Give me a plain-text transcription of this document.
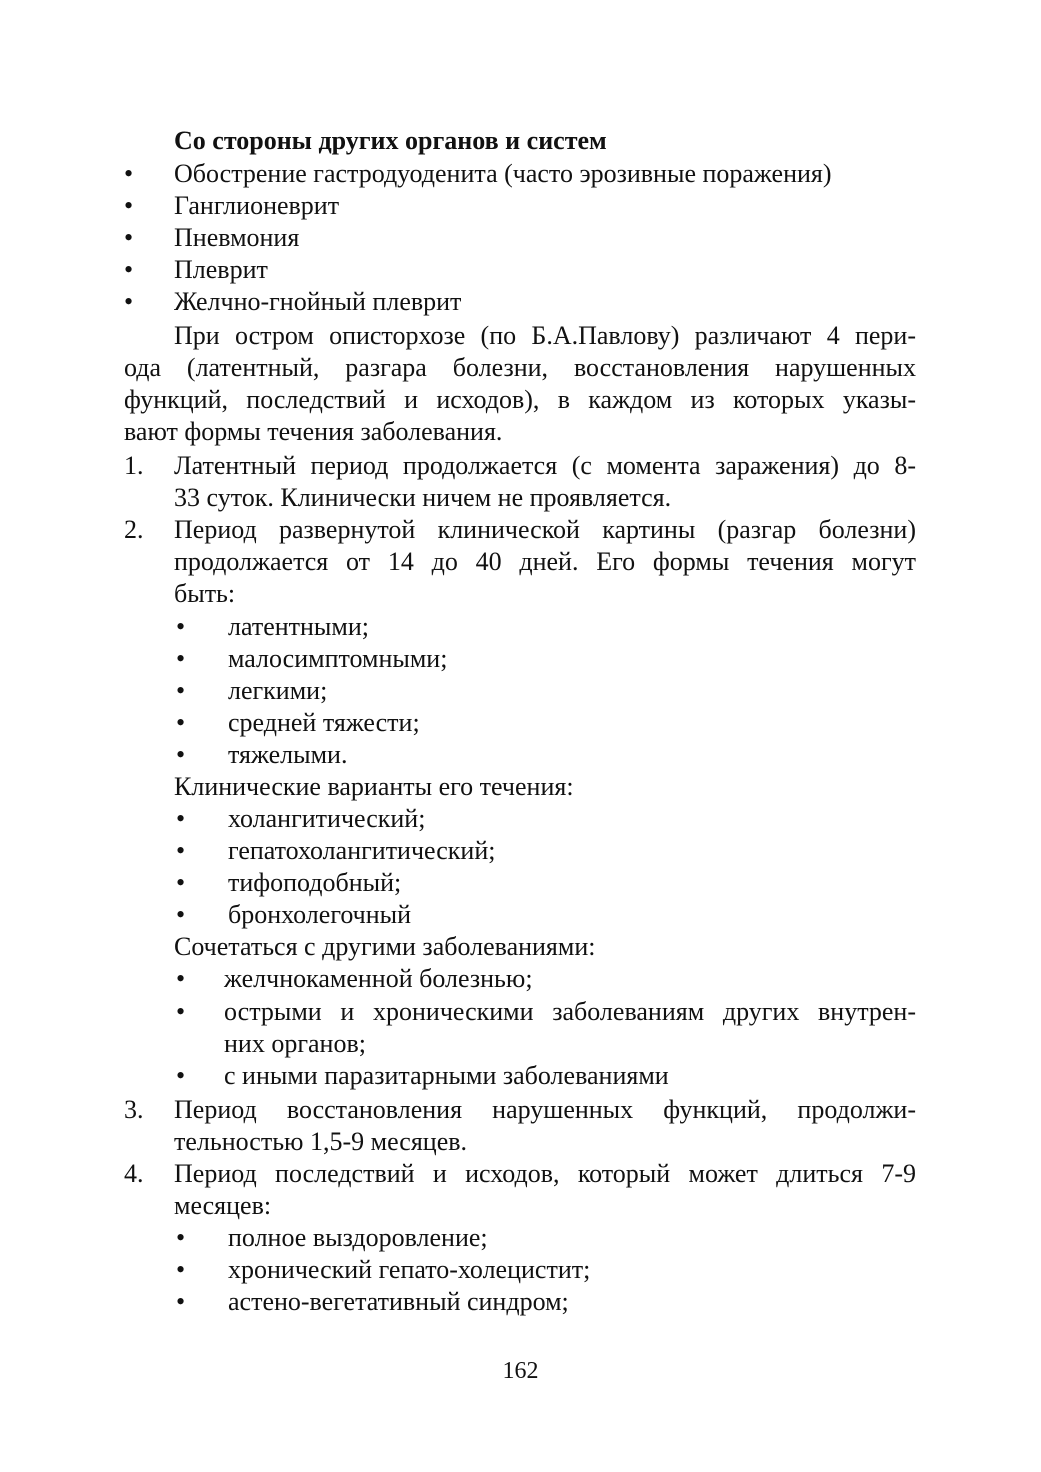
Со стороны других органов и систем
• Обострение гастродуоденита (часто эрозивные поражения)
• Ганглионеврит
• Пневмония
• Плеврит
• Желчно-гнойный плеврит
При остром описторхозе (по Б.А.Павлову) различают 4 пери-
ода (латентный, разгара болезни, восстановления нарушенных
функций, последствий и исходов), в каждом из которых указы-
вают формы течения заболевания.
1. Латентный период продолжается (с момента заражения) до 8-
33 суток. Клинически ничем не проявляется.
2. Период развернутой клинической картины (разгар болезни)
продолжается от 14 до 40 дней. Его формы течения могут
быть:
• латентными;
• малосимптомными;
• легкими;
• средней тяжести;
• тяжелыми.
Клинические варианты его течения:
• холангитический;
• гепатохолангитический;
• тифоподобный;
• бронхолегочный
Сочетаться с другими заболеваниями:
• желчнокаменной болезнью;
• острыми и хроническими заболеваниям других внутрен-
них органов;
• с иными паразитарными заболеваниями
3. Период восстановления нарушенных функций, продолжи-
тельностью 1,5-9 месяцев.
4. Период последствий и исходов, который может длиться 7-9
месяцев:
• полное выздоровление;
• хронический гепато-холецистит;
• астено-вегетативный синдром;
162
